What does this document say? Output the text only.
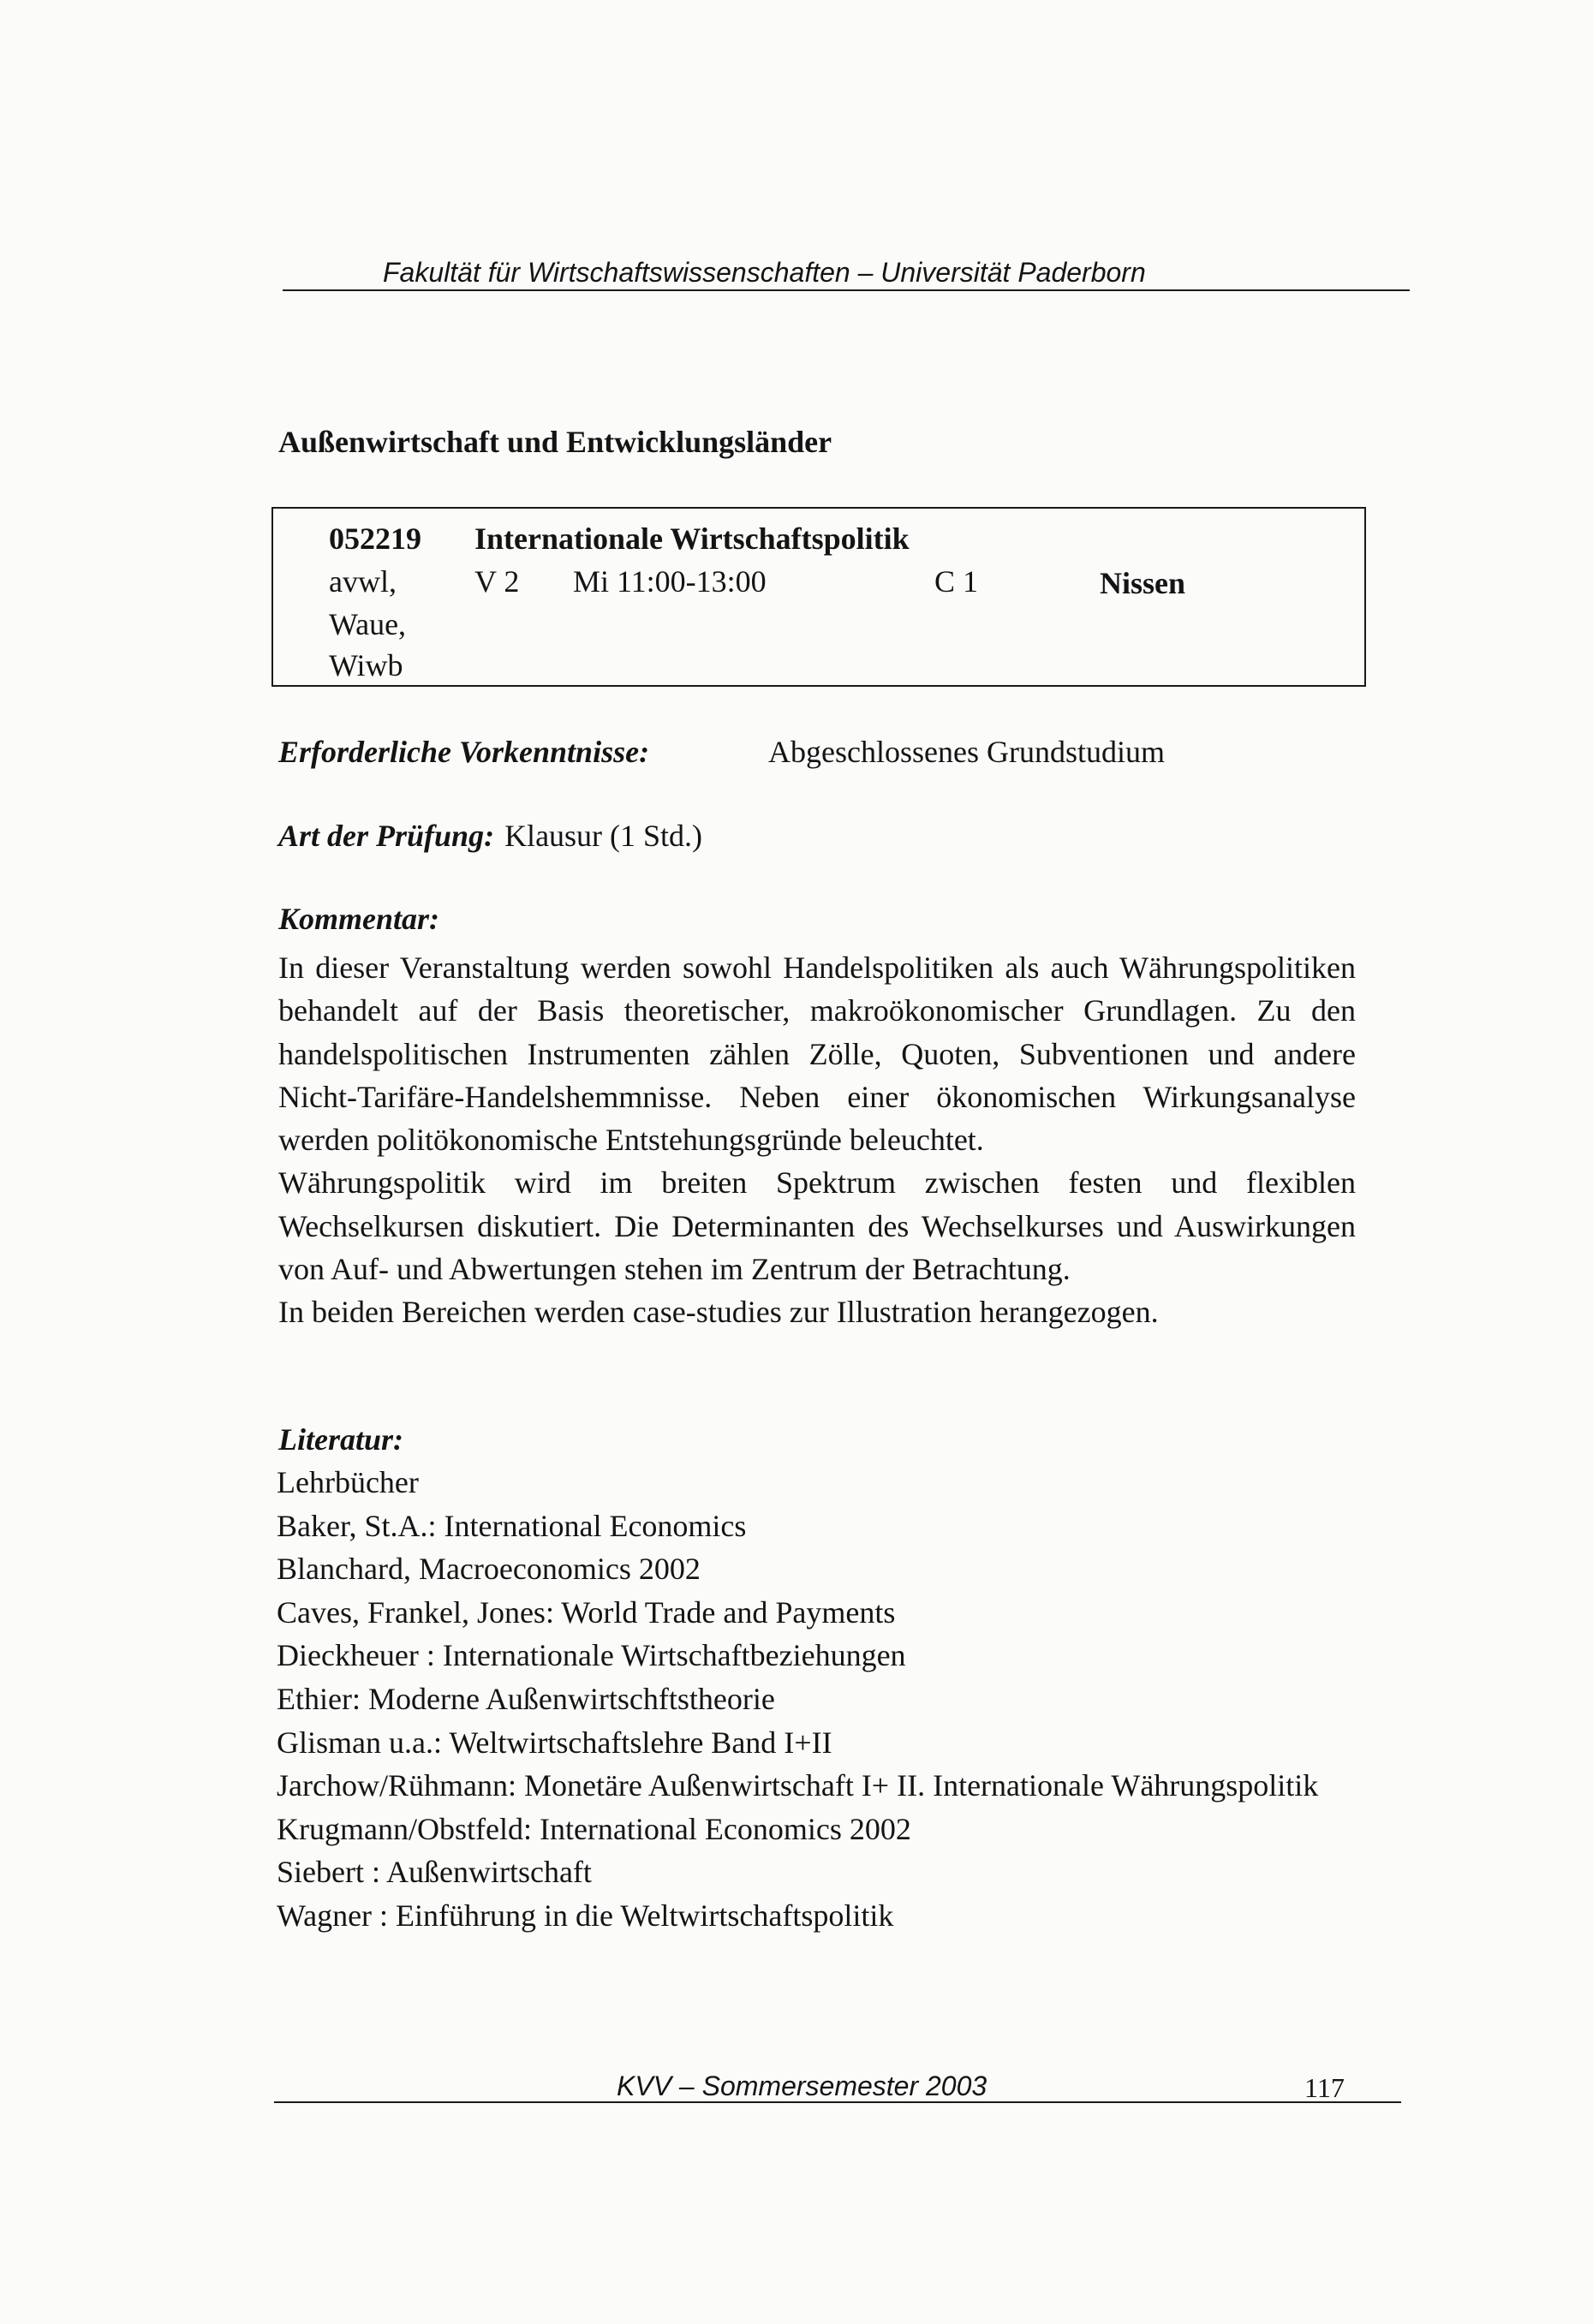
Fakultät für Wirtschaftswissenschaften – Universität Paderborn
Außenwirtschaft und Entwicklungsländer
052219 Internationale Wirtschaftspolitik
avwl,	V 2 Mi 11:00-13:00	C 1	Nissen
Waue,
Wiwb
Erforderliche Vorkenntnisse:	Abgeschlossenes Grundstudium
Art der Prüfung: Klausur (1 Std.)
Kommentar:

In dieser Veranstaltung werden sowohl Handelspolitiken als auch Währungspolitiken behandelt auf der Basis theoretischer, makroökonomischer Grundlagen. Zu den handelspolitischen Instrumenten zählen Zölle, Quoten, Subventionen und andere Nicht-Tarifäre-Handelshemmnisse. Neben einer ökonomischen Wirkungsanalyse werden politökonomische Entstehungsgründe beleuchtet.

Währungspolitik wird im breiten Spektrum zwischen festen und flexiblen Wechselkursen diskutiert. Die Determinanten des Wechselkurses und Auswirkungen von Auf- und Abwertungen stehen im Zentrum der Betrachtung.

In beiden Bereichen werden case-studies zur Illustration herangezogen.

Literatur:
Lehrbücher
Baker, St.A.: International Economics
Blanchard, Macroeconomics 2002
Caves, Frankel, Jones: World Trade and Payments
Dieckheuer : Internationale Wirtschaftbeziehungen
Ethier: Moderne Außenwirtschftstheorie
Glisman u.a.: Weltwirtschaftslehre Band I+II
Jarchow/Rühmann: Monetäre Außenwirtschaft I+ II. Internationale Währungspolitik
Krugmann/Obstfeld: International Economics 2002
Siebert : Außenwirtschaft
Wagner : Einführung in die Weltwirtschaftspolitik
KVV – Sommersemester 2003	117
